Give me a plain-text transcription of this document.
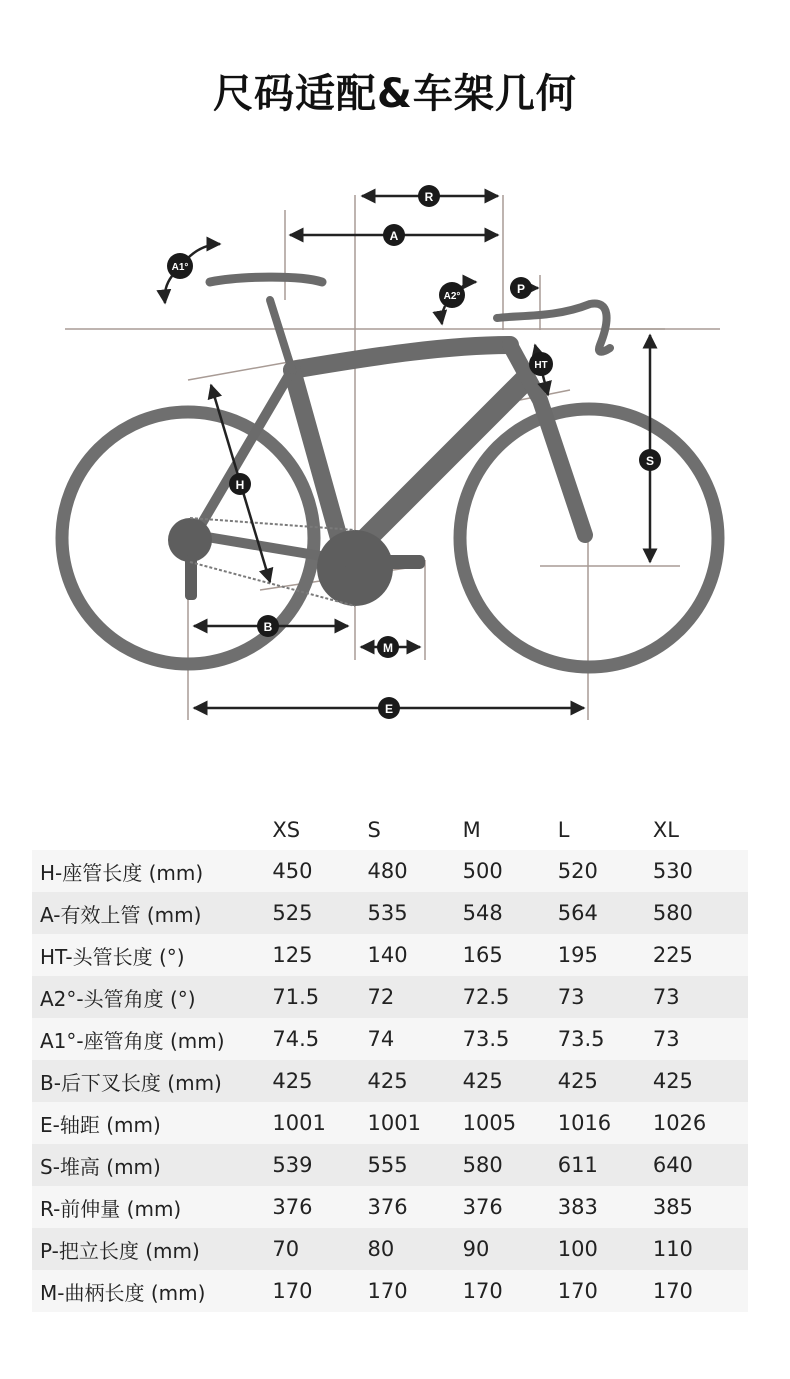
尺码适配&车架几何
R
A
A1°
A2°
P
HT
S
H
B
M
E
	XS	S	M	L	XL
H-座管长度 (mm)	450	480	500	520	530
A-有效上管 (mm)	525	535	548	564	580
HT-头管长度 (°)	125	140	165	195	225
A2°-头管角度 (°)	71.5	72	72.5	73	73
A1°-座管角度 (mm)	74.5	74	73.5	73.5	73
B-后下叉长度 (mm)	425	425	425	425	425
E-轴距 (mm)	1001	1001	1005	1016	1026
S-堆高 (mm)	539	555	580	611	640
R-前伸量 (mm)	376	376	376	383	385
P-把立长度 (mm)	70	80	90	100	110
M-曲柄长度 (mm)	170	170	170	170	170
